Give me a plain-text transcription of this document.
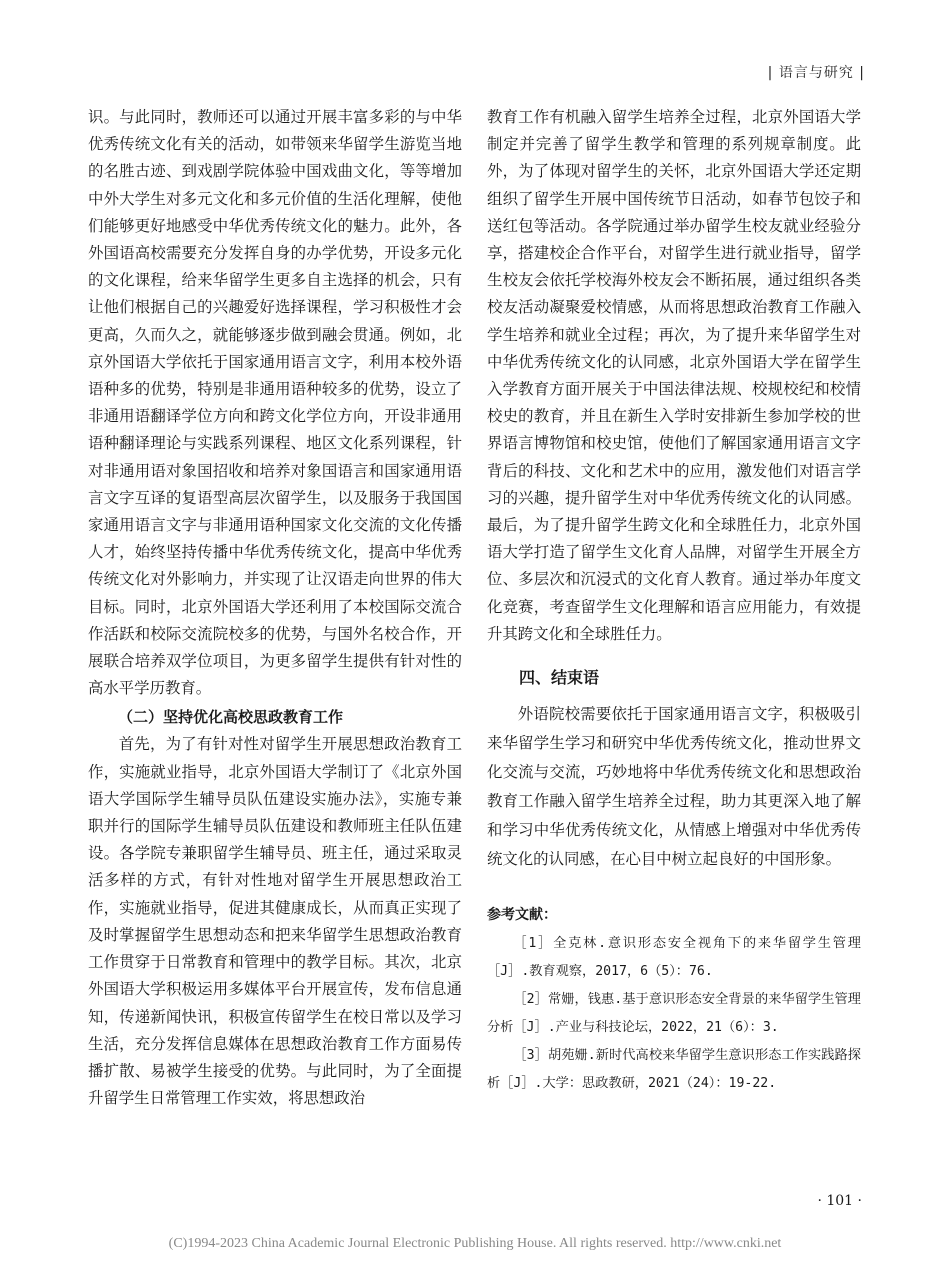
| 语言与研究 |

识。与此同时，教师还可以通过开展丰富多彩的与中华优秀传统文化有关的活动，如带领来华留学生游览当地的名胜古迹、到戏剧学院体验中国戏曲文化，等等增加中外大学生对多元文化和多元价值的生活化理解，使他们能够更好地感受中华优秀传统文化的魅力。此外，各外国语高校需要充分发挥自身的办学优势，开设多元化的文化课程，给来华留学生更多自主选择的机会，只有让他们根据自己的兴趣爱好选择课程，学习积极性才会更高，久而久之，就能够逐步做到融会贯通。例如，北京外国语大学依托于国家通用语言文字，利用本校外语语种多的优势，特别是非通用语种较多的优势，设立了非通用语翻译学位方向和跨文化学位方向，开设非通用语种翻译理论与实践系列课程、地区文化系列课程，针对非通用语对象国招收和培养对象国语言和国家通用语言文字互译的复语型高层次留学生，以及服务于我国国家通用语言文字与非通用语种国家文化交流的文化传播人才，始终坚持传播中华优秀传统文化，提高中华优秀传统文化对外影响力，并实现了让汉语走向世界的伟大目标。同时，北京外国语大学还利用了本校国际交流合作活跃和校际交流院校多的优势，与国外名校合作，开展联合培养双学位项目，为更多留学生提供有针对性的高水平学历教育。

（二）坚持优化高校思政教育工作

首先，为了有针对性对留学生开展思想政治教育工作，实施就业指导，北京外国语大学制订了《北京外国语大学国际学生辅导员队伍建设实施办法》，实施专兼职并行的国际学生辅导员队伍建设和教师班主任队伍建设。各学院专兼职留学生辅导员、班主任，通过采取灵活多样的方式，有针对性地对留学生开展思想政治工作，实施就业指导，促进其健康成长，从而真正实现了及时掌握留学生思想动态和把来华留学生思想政治教育工作贯穿于日常教育和管理中的教学目标。其次，北京外国语大学积极运用多媒体平台开展宣传，发布信息通知，传递新闻快讯，积极宣传留学生在校日常以及学习生活，充分发挥信息媒体在思想政治教育工作方面易传播扩散、易被学生接受的优势。与此同时，为了全面提升留学生日常管理工作实效，将思想政治

教育工作有机融入留学生培养全过程，北京外国语大学制定并完善了留学生教学和管理的系列规章制度。此外，为了体现对留学生的关怀，北京外国语大学还定期组织了留学生开展中国传统节日活动，如春节包饺子和送红包等活动。各学院通过举办留学生校友就业经验分享，搭建校企合作平台，对留学生进行就业指导，留学生校友会依托学校海外校友会不断拓展，通过组织各类校友活动凝聚爱校情感，从而将思想政治教育工作融入学生培养和就业全过程；再次，为了提升来华留学生对中华优秀传统文化的认同感，北京外国语大学在留学生入学教育方面开展关于中国法律法规、校规校纪和校情校史的教育，并且在新生入学时安排新生参加学校的世界语言博物馆和校史馆，使他们了解国家通用语言文字背后的科技、文化和艺术中的应用，激发他们对语言学习的兴趣，提升留学生对中华优秀传统文化的认同感。最后，为了提升留学生跨文化和全球胜任力，北京外国语大学打造了留学生文化育人品牌，对留学生开展全方位、多层次和沉浸式的文化育人教育。通过举办年度文化竞赛，考查留学生文化理解和语言应用能力，有效提升其跨文化和全球胜任力。

四、结束语

外语院校需要依托于国家通用语言文字，积极吸引来华留学生学习和研究中华优秀传统文化，推动世界文化交流与交流，巧妙地将中华优秀传统文化和思想政治教育工作融入留学生培养全过程，助力其更深入地了解和学习中华优秀传统文化，从情感上增强对中华优秀传统文化的认同感，在心目中树立起良好的中国形象。

参考文献：

［1］全克林.意识形态安全视角下的来华留学生管理［J］.教育观察，2017，6（5）：76.

［2］常姗，钱惠.基于意识形态安全背景的来华留学生管理分析［J］.产业与科技论坛，2022，21（6）：3.

［3］胡苑姗.新时代高校来华留学生意识形态工作实践路探析［J］.大学：思政教研，2021（24）：19-22.

· 101 ·
(C)1994-2023 China Academic Journal Electronic Publishing House. All rights reserved. http://www.cnki.net
